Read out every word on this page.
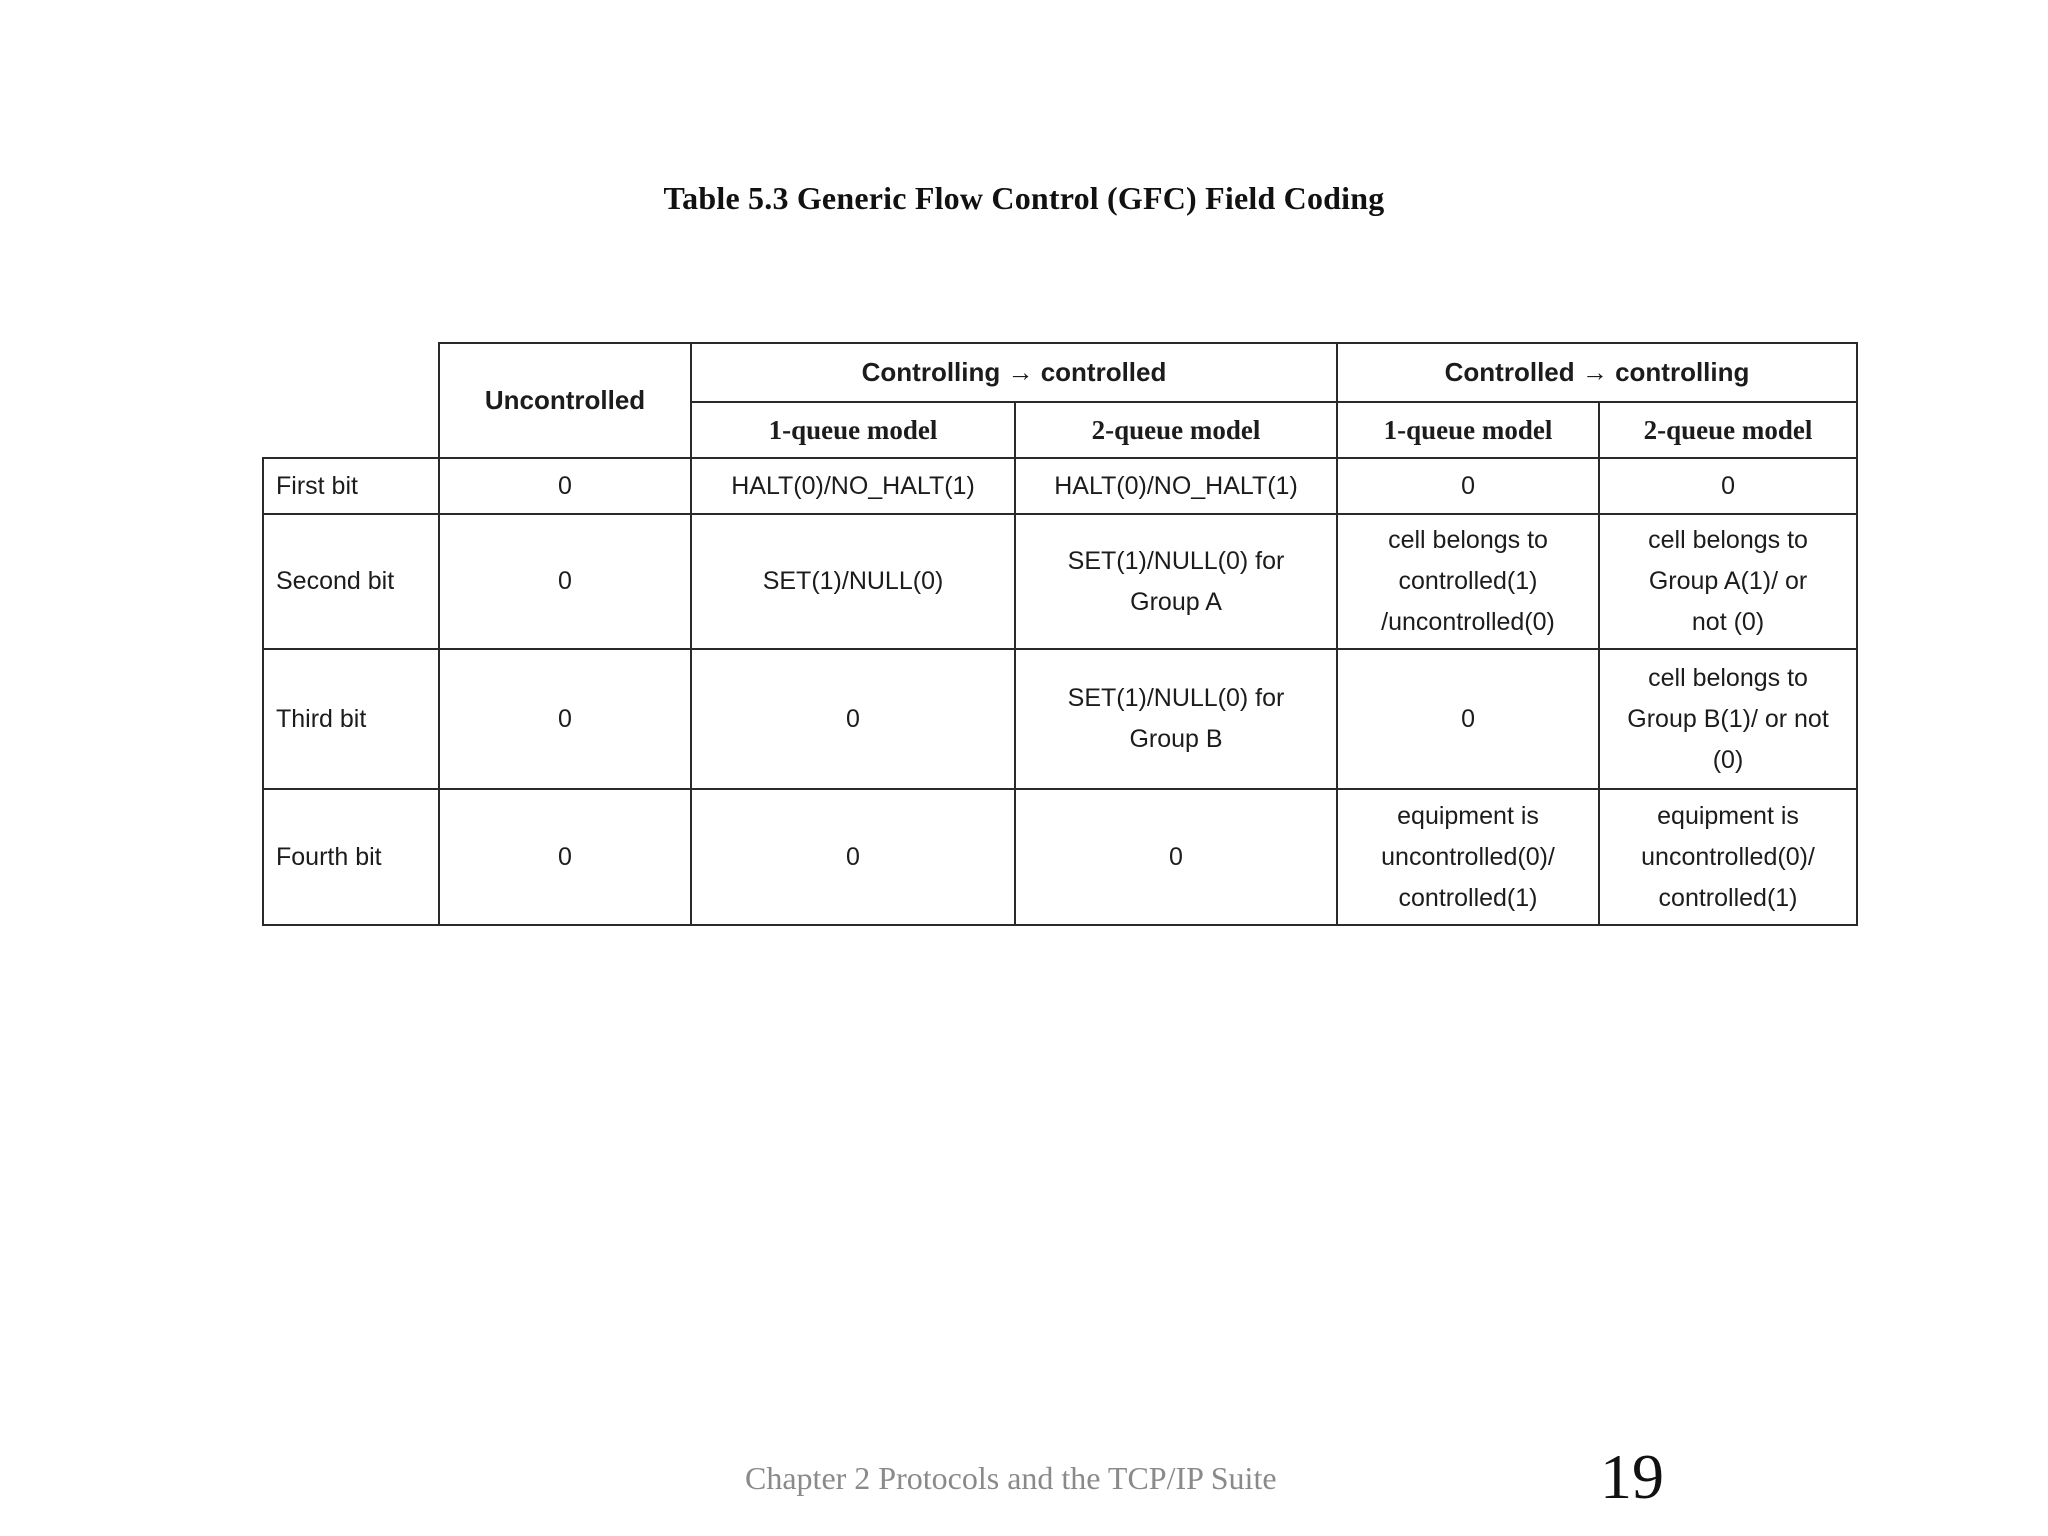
Table 5.3 Generic Flow Control (GFC) Field Coding
	Uncontrolled	Controlling → controlled		Controlled → controlling	
		1-queue model	2-queue model	1-queue model	2-queue model
First bit	0	HALT(0)/NO_HALT(1)	HALT(0)/NO_HALT(1)	0	0
Second bit	0	SET(1)/NULL(0)	SET(1)/NULL(0) for Group A	cell belongs to controlled(1) /uncontrolled(0)	cell belongs to Group A(1)/ or not (0)
Third bit	0	0	SET(1)/NULL(0) for Group B	0	cell belongs to Group B(1)/ or not (0)
Fourth bit	0	0	0	equipment is uncontrolled(0)/ controlled(1)	equipment is uncontrolled(0)/ controlled(1)
Chapter 2 Protocols and the TCP/IP Suite	19
